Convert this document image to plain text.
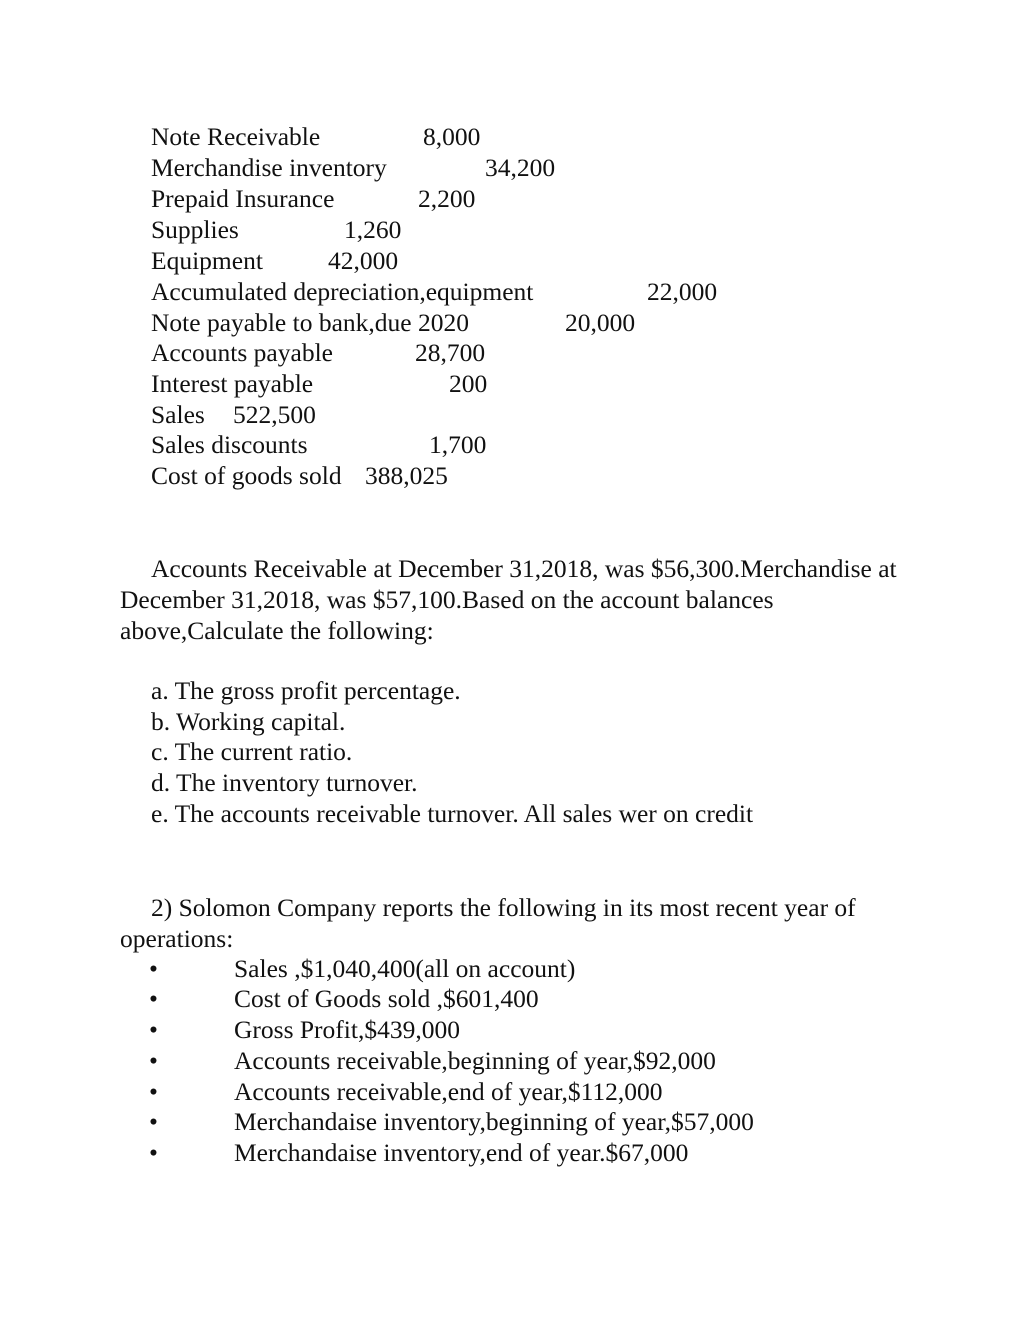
Note Receivable	8,000
Merchandise inventory	34,200
Prepaid Insurance	2,200
Supplies	1,260
Equipment	42,000
Accumulated depreciation,equipment	22,000
Note payable to bank,due 2020	20,000
Accounts payable	28,700
Interest payable	200
Sales 522,500
Sales discounts	1,700
Cost of goods sold 388,025
Accounts Receivable at December 31,2018, was $56,300.Merchandise at December 31,2018, was $57,100.Based on the account balances above,Calculate the following:
a. The gross profit percentage.
b. Working capital.
c. The current ratio.
d. The inventory turnover.
e. The accounts receivable turnover. All sales wer on credit
2) Solomon Company reports the following in its most recent year of operations:
•	Sales ,$1,040,400(all on account)
•	Cost of Goods sold ,$601,400
•	Gross Profit,$439,000
•	Accounts receivable,beginning of year,$92,000
•	Accounts receivable,end of year,$112,000
•	Merchandaise inventory,beginning of year,$57,000
•	Merchandaise inventory,end of year.$67,000
